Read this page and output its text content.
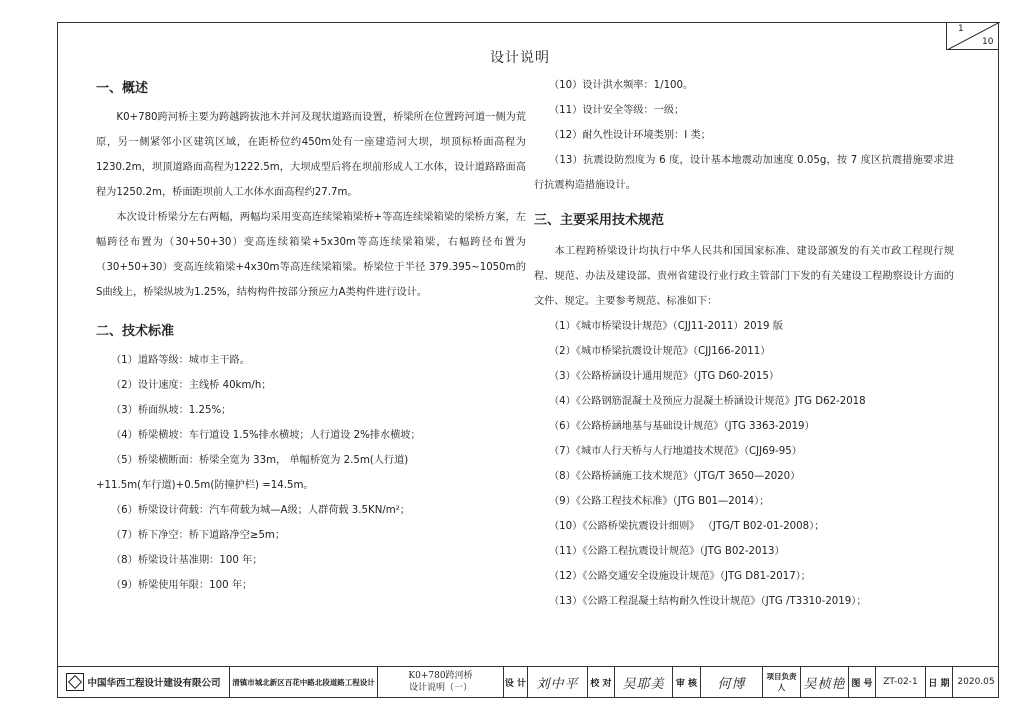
1
10
设计说明
一、概述

K0+780跨河桥主要为跨越跨拔池木并河及现状道路而设置，桥梁所在位置跨河道一侧为荒原，另一侧紧邻小区建筑区域，在距桥位约450m处有一座建造河大坝，坝顶标桥面高程为 1230.2m，坝顶道路面高程为1222.5m，大坝成型后将在坝前形成人工水体，设计道路路面高程为1250.2m，桥面距坝前人工水体水面高程约27.7m。

本次设计桥梁分左右两幅，两幅均采用变高连续梁箱梁桥+等高连续梁箱梁的梁桥方案，左幅跨径布置为（30+50+30）变高连续箱梁+5x30m等高连续梁箱梁，右幅跨径布置为（30+50+30）变高连续箱梁+4x30m等高连续梁箱梁。桥梁位于半径 379.395~1050m的S曲线上，桥梁纵坡为1.25%，结构构件按部分预应力A类构件进行设计。

二、技术标准

（1）道路等级：城市主干路。

（2）设计速度：主线桥 40km/h；

（3）桥面纵坡：1.25%；

（4）桥梁横坡：车行道设 1.5%排水横坡；人行道设 2%排水横坡；

（5）桥梁横断面：桥梁全宽为 33m， 单幅桥宽为 2.5m(人行道)

+11.5m(车行道)+0.5m(防撞护栏) =14.5m。

（6）桥梁设计荷载：汽车荷载为城—A级；人群荷载 3.5KN/m²；

（7）桥下净空：桥下道路净空≥5m；

（8）桥梁设计基准期：100 年；

（9）桥梁使用年限：100 年；

（10）设计洪水频率：1/100。

（11）设计安全等级：一级；

（12）耐久性设计环境类别：I 类；

（13）抗震设防烈度为 6 度，设计基本地震动加速度 0.05g，按 7 度区抗震措施要求进行抗震构造措施设计。

三、主要采用技术规范

本工程跨桥梁设计均执行中华人民共和国国家标准、建设部颁发的有关市政工程现行规程、规范、办法及建设部、贵州省建设行业行政主管部门下发的有关建设工程勘察设计方面的文件、规定。主要参考规范、标准如下：

（1）《城市桥梁设计规范》（CJJ11-2011）2019 版

（2）《城市桥梁抗震设计规范》（CJJ166-2011）

（3）《公路桥涵设计通用规范》（JTG D60-2015）

（4）《公路钢筋混凝土及预应力混凝土桥涵设计规范》JTG D62-2018

（6）《公路桥涵地基与基础设计规范》（JTG 3363-2019）

（7）《城市人行天桥与人行地道技术规范》（CJJ69-95）

（8）《公路桥涵施工技术规范》（JTG/T 3650—2020）

（9）《公路工程技术标准》（JTG B01—2014）；

（10）《公路桥梁抗震设计细则》 （JTG/T B02-01-2008）；

（11）《公路工程抗震设计规范》（JTG B02-2013）

（12）《公路交通安全设施设计规范》（JTG D81-2017）；

（13）《公路工程混凝土结构耐久性设计规范》（JTG /T3310-2019）；

中国华西工程设计建设有限公司	清镇市城北新区百花中路北段道路工程设计
K0+780跨河桥
设计说明（一）	设 计 刘中平	校 对 吴耶美	审 核	何博	项目负责人	吴桢艳 图 号	ZT-02-1	日 期 2020.05
